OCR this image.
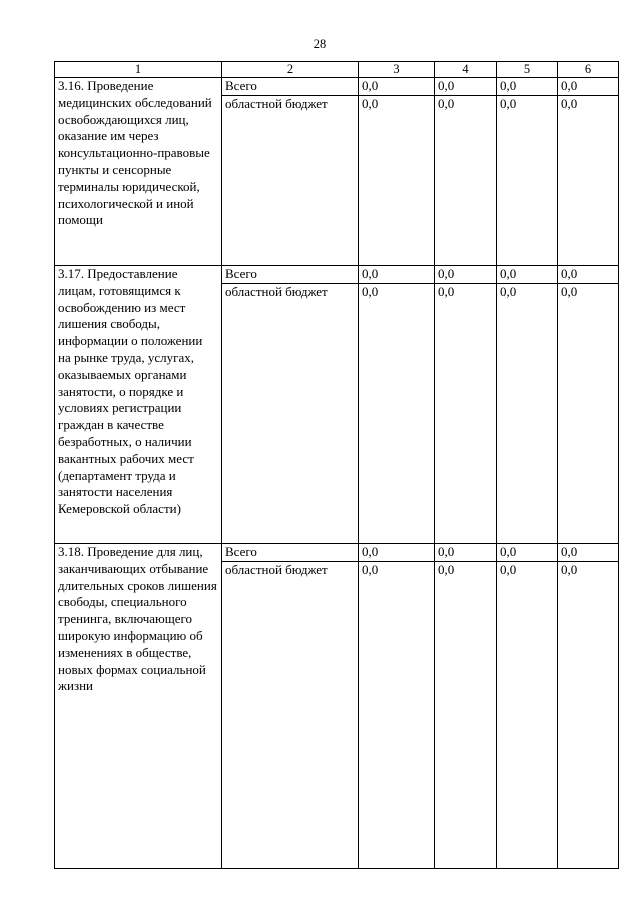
28
1	2	3	4	5	6
3.16. Проведение медицинских обследований освобождающихся лиц, оказание им через консультационно-правовые пункты и сенсорные терминалы юридической, психологической и иной помощи	Всего	0,0	0,0	0,0	0,0
	областной бюджет	0,0	0,0	0,0	0,0
3.17. Предоставление лицам, готовящимся к освобождению из мест лишения свободы, информации о положении на рынке труда, услугах, оказываемых органами занятости, о порядке и условиях регистрации граждан в качестве безработных, о наличии вакантных рабочих мест (департамент труда и занятости населения Кемеровской области)	Всего	0,0	0,0	0,0	0,0
	областной бюджет	0,0	0,0	0,0	0,0
3.18. Проведение для лиц, заканчивающих отбывание длительных сроков лишения свободы, специального тренинга, включающего широкую информацию об изменениях в обществе, новых формах социальной жизни	Всего	0,0	0,0	0,0	0,0
	областной бюджет	0,0	0,0	0,0	0,0
